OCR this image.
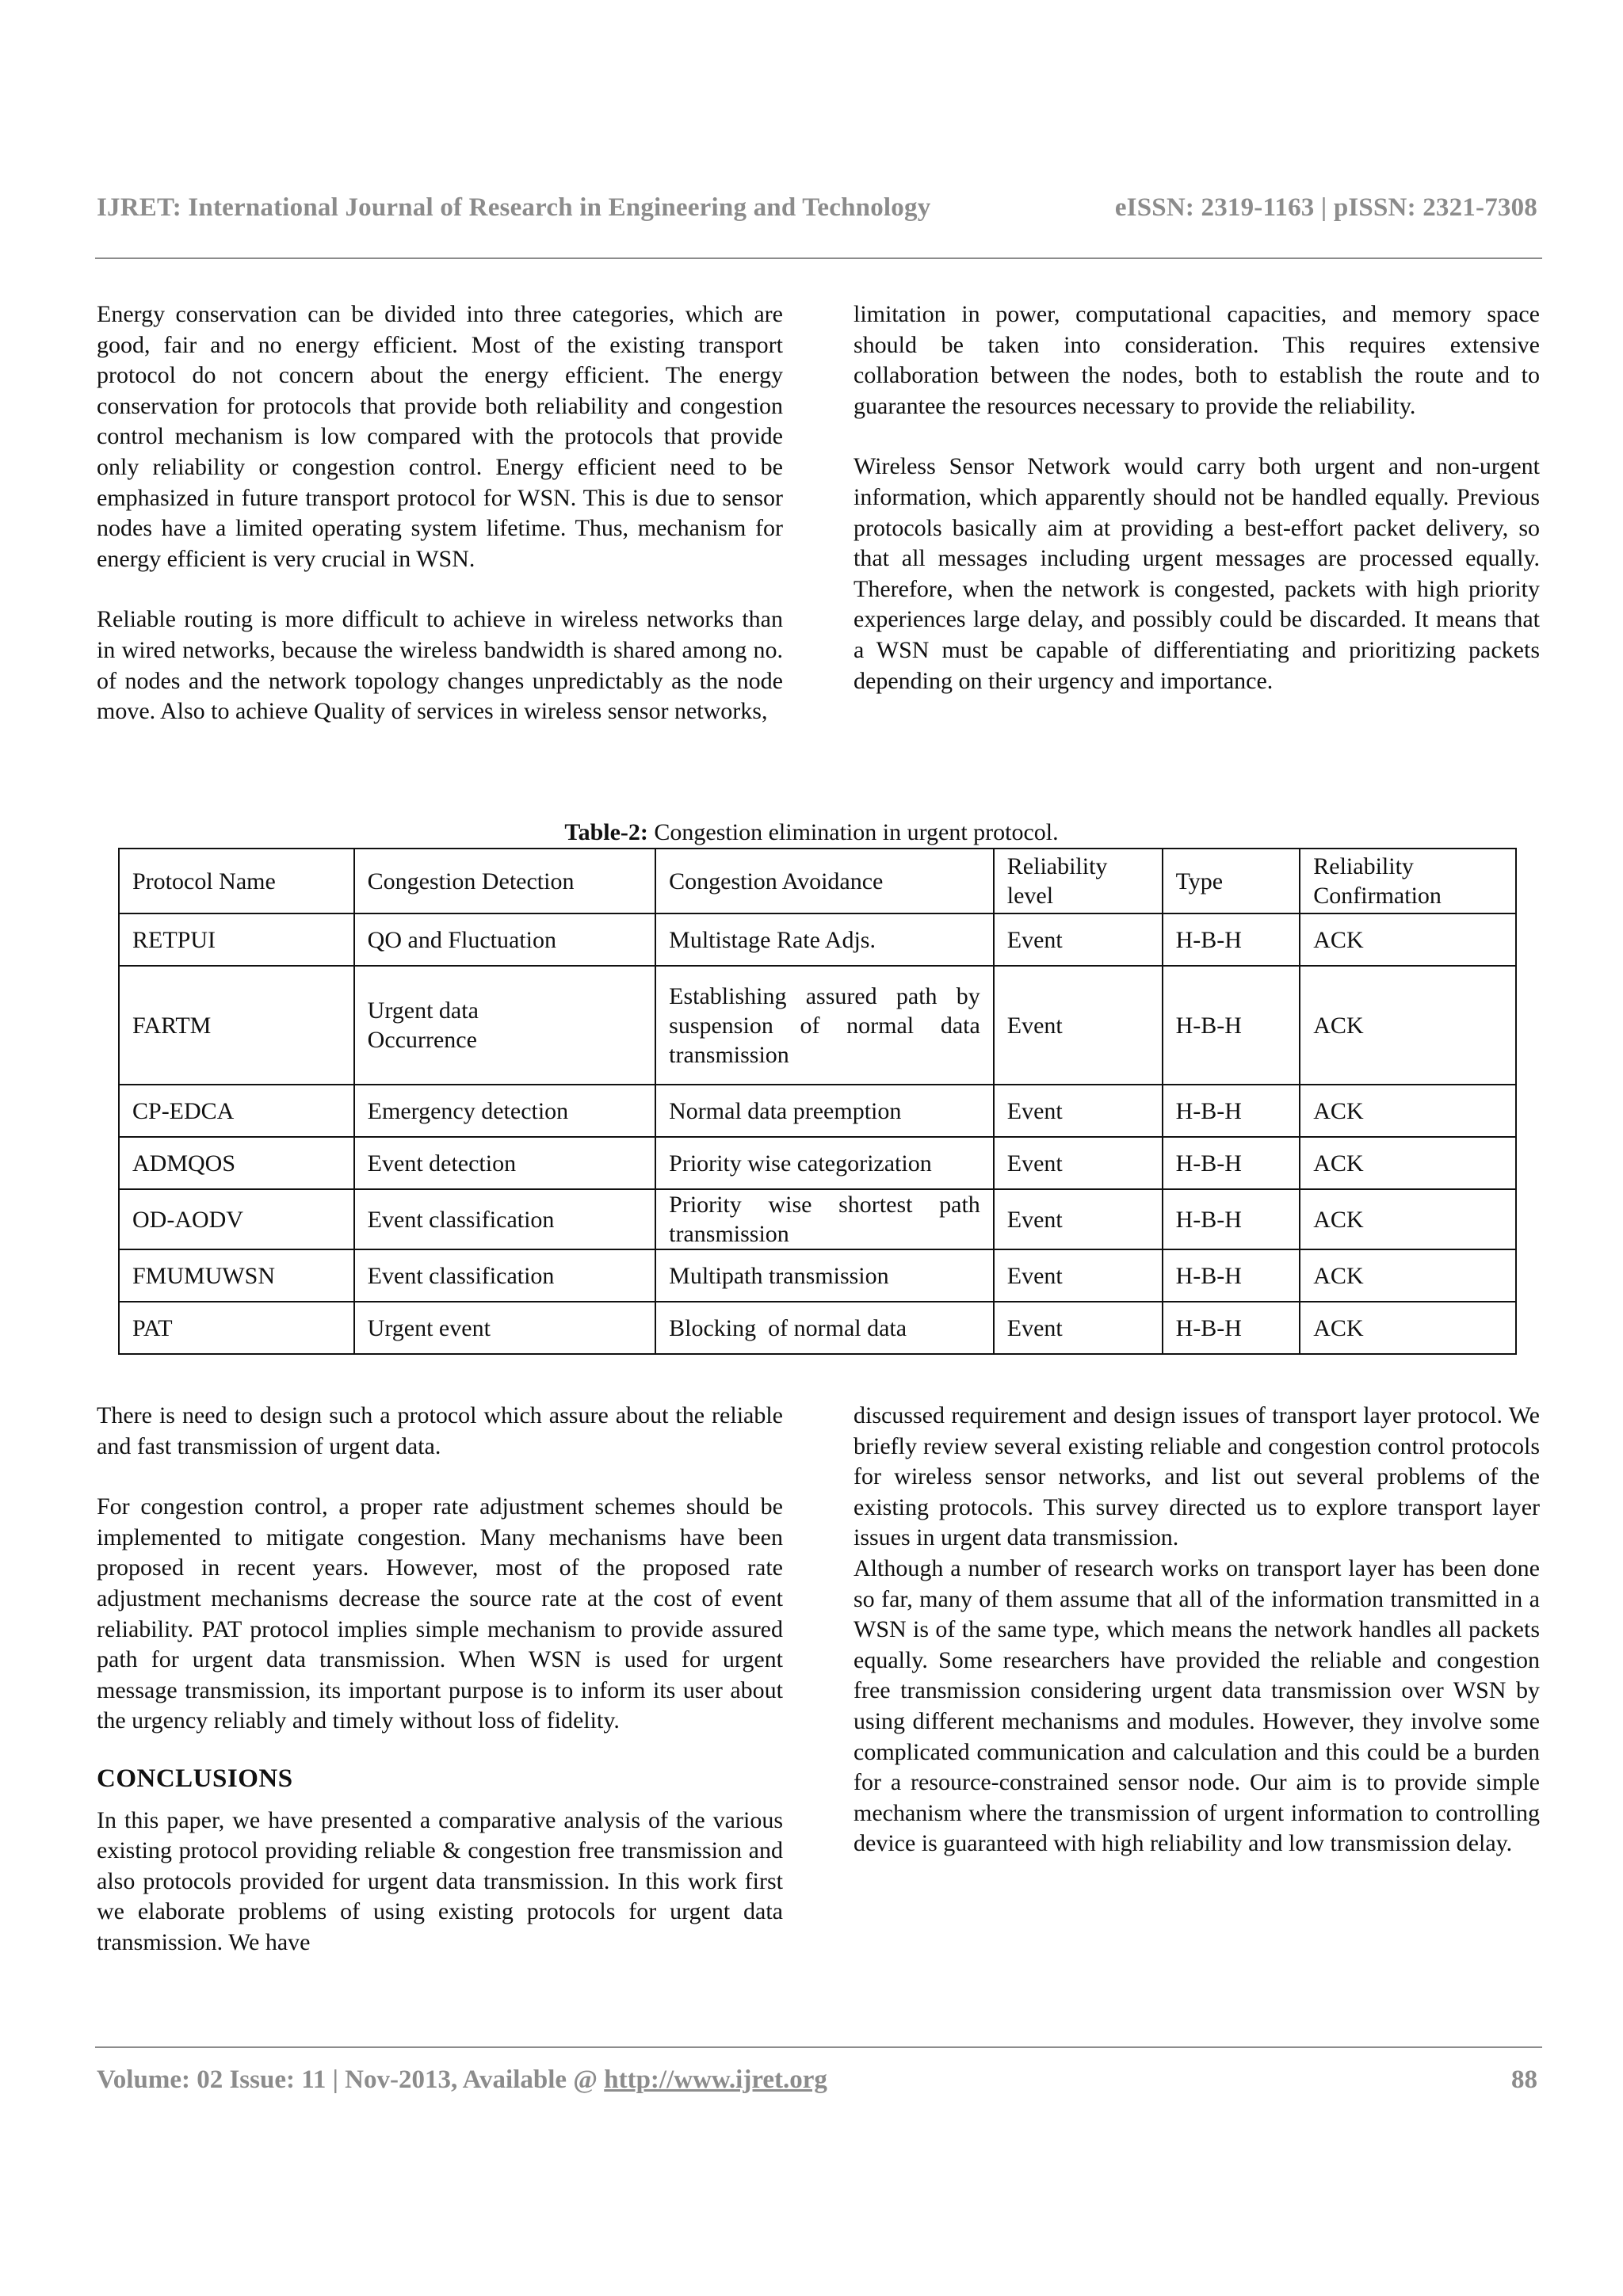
IJRET: International Journal of Research in Engineering and Technology	eISSN: 2319-1163 | pISSN: 2321-7308

Energy conservation can be divided into three categories, which are good, fair and no energy efficient. Most of the existing transport protocol do not concern about the energy efficient. The energy conservation for protocols that provide both reliability and congestion control mechanism is low compared with the protocols that provide only reliability or congestion control. Energy efficient need to be emphasized in future transport protocol for WSN. This is due to sensor nodes have a limited operating system lifetime. Thus, mechanism for energy efficient is very crucial in WSN.

Reliable routing is more difficult to achieve in wireless networks than in wired networks, because the wireless bandwidth is shared among no. of nodes and the network topology changes unpredictably as the node move. Also to achieve Quality of services in wireless sensor networks,

limitation in power, computational capacities, and memory space should be taken into consideration. This requires extensive collaboration between the nodes, both to establish the route and to guarantee the resources necessary to provide the reliability.

Wireless Sensor Network would carry both urgent and non-urgent information, which apparently should not be handled equally. Previous protocols basically aim at providing a best-effort packet delivery, so that all messages including urgent messages are processed equally. Therefore, when the network is congested, packets with high priority experiences large delay, and possibly could be discarded. It means that a WSN must be capable of differentiating and prioritizing packets depending on their urgency and importance.

Table-2: Congestion elimination in urgent protocol.
Protocol Name	Congestion Detection	Congestion Avoidance	Reliability level	Type	Reliability Confirmation
RETPUI	QO and Fluctuation	Multistage Rate Adjs.	Event	H-B-H	ACK
FARTM	Urgent data Occurrence	Establishing assured path by suspension of normal data transmission	Event	H-B-H	ACK
CP-EDCA	Emergency detection	Normal data preemption	Event	H-B-H	ACK
ADMQOS	Event detection	Priority wise categorization	Event	H-B-H	ACK
OD-AODV	Event classification	Priority wise shortest path transmission	Event	H-B-H	ACK
FMUMUWSN	Event classification	Multipath transmission	Event	H-B-H	ACK
PAT	Urgent event	Blocking  of normal data	Event	H-B-H	ACK

There is need to design such a protocol which assure about the reliable and fast transmission of urgent data.

For congestion control, a proper rate adjustment schemes should be implemented to mitigate congestion. Many mechanisms have been proposed in recent years. However, most of the proposed rate adjustment mechanisms decrease the source rate at the cost of event reliability. PAT protocol implies simple mechanism to provide assured path for urgent data transmission. When WSN is used for urgent message transmission, its important purpose is to inform its user about the urgency reliably and timely without loss of fidelity.

CONCLUSIONS

In this paper, we have presented a comparative analysis of the various existing protocol providing reliable & congestion free transmission and also protocols provided for urgent data transmission. In this work first we elaborate problems of using existing protocols for urgent data transmission. We have

discussed requirement and design issues of transport layer protocol. We briefly review several existing reliable and congestion control protocols for wireless sensor networks, and list out several problems of the existing protocols. This survey directed us to explore transport layer issues in urgent data transmission.

Although a number of research works on transport layer has been done so far, many of them assume that all of the information transmitted in a WSN is of the same type, which means the network handles all packets equally. Some researchers have provided the reliable and congestion free transmission considering urgent data transmission over WSN by using different mechanisms and modules. However, they involve some complicated communication and calculation and this could be a burden for a resource-constrained sensor node. Our aim is to provide simple mechanism where the transmission of urgent information to controlling device is guaranteed with high reliability and low transmission delay.

Volume: 02 Issue: 11 | Nov-2013, Available @ http://www.ijret.org	88
